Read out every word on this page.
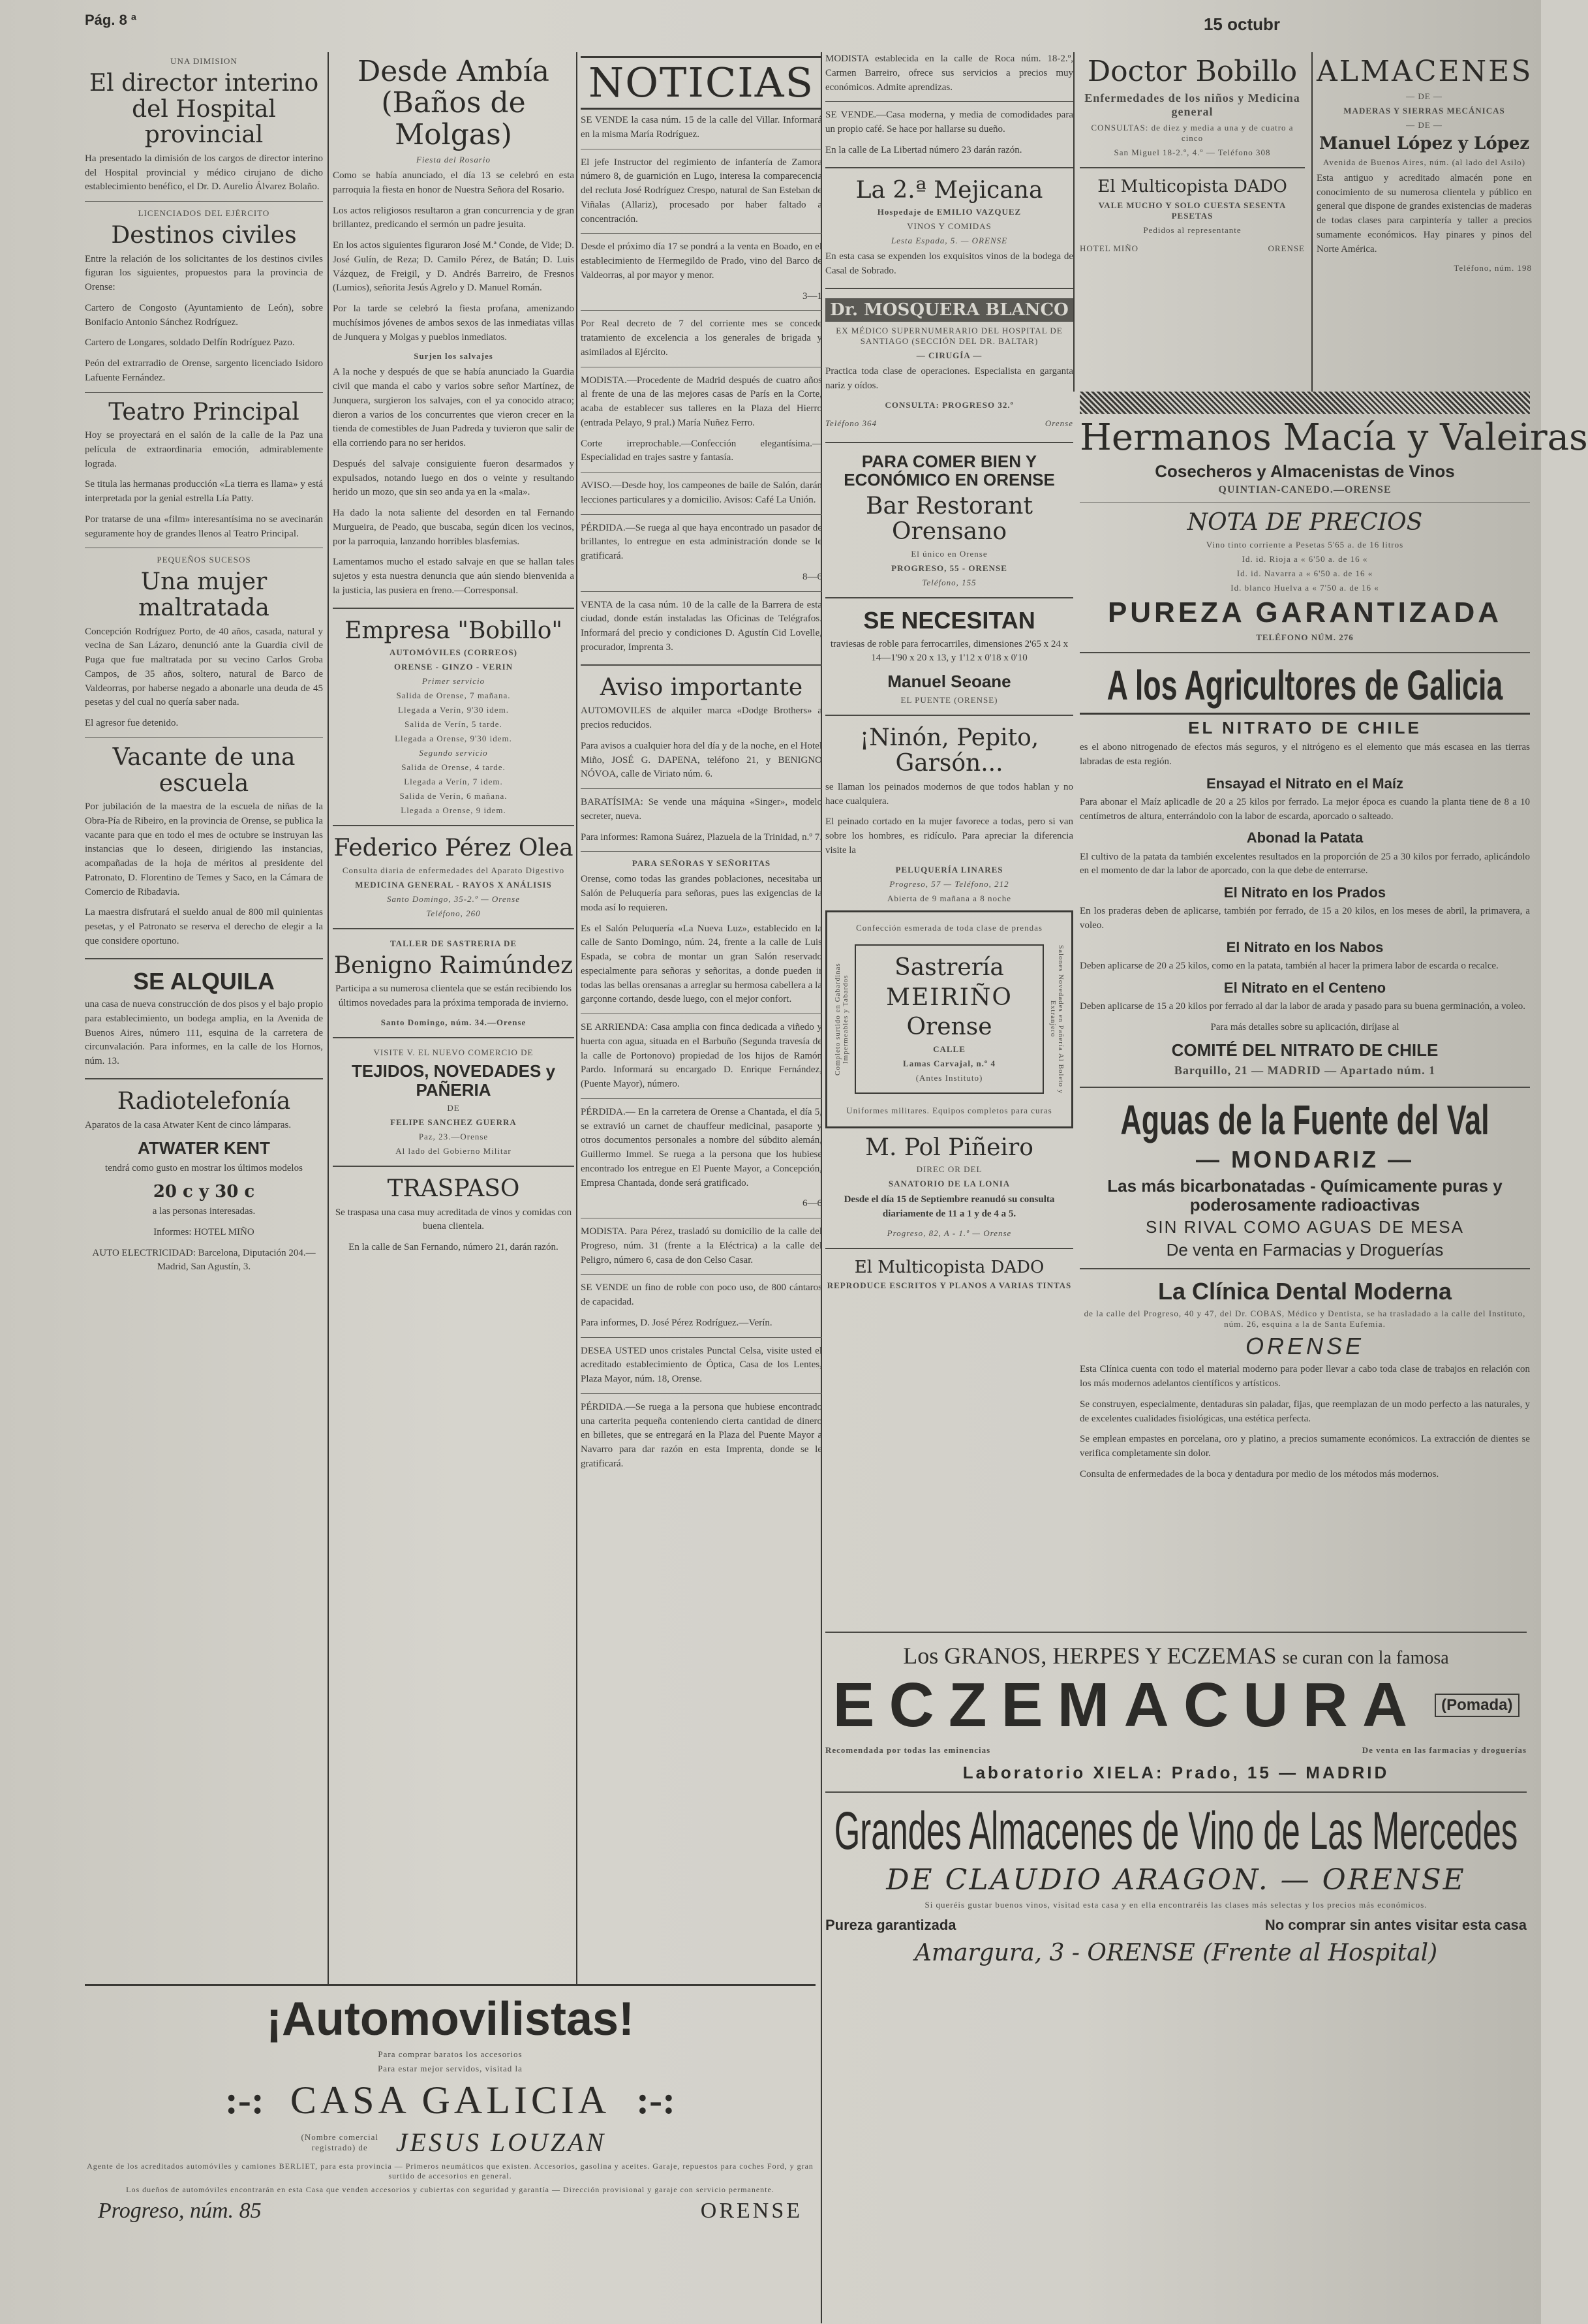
Pág. 8 ª	15 octubr
UNA DIMISION
El director interino del Hospital provincial
Ha presentado la dimisión de los cargos de director interino del Hospital provincial y médico cirujano de dicho establecimiento benéfico, el Dr. D. Aurelio Álvarez Bolaño.
LICENCIADOS DEL EJÉRCITO
Destinos civiles
Entre la relación de los solicitantes de los destinos civiles figuran los siguientes, propuestos para la provincia de Orense:
Cartero de Congosto (Ayuntamiento de León), sobre Bonifacio Antonio Sánchez Rodríguez.
Cartero de Longares, soldado Delfín Rodríguez Pazo.
Peón del extrarradio de Orense, sargento licenciado Isidoro Lafuente Fernández.
Teatro Principal
Hoy se proyectará en el salón de la calle de la Paz una película de extraordinaria emoción, admirablemente lograda.
Se titula las hermanas producción «La tierra es llama» y está interpretada por la genial estrella Lía Patty.
Por tratarse de una «film» interesantísima no se avecinarán seguramente hoy de grandes llenos al Teatro Principal.
PEQUEÑOS SUCESOS
Una mujer maltratada
Concepción Rodríguez Porto, de 40 años, casada, natural y vecina de San Lázaro, denunció ante la Guardia civil de Puga que fue maltratada por su vecino Carlos Groba Campos, de 35 años, soltero, natural de Barco de Valdeorras, por haberse negado a abonarle una deuda de 45 pesetas y del cual no quería saber nada.
El agresor fue detenido.
Vacante de una escuela
Por jubilación de la maestra de la escuela de niñas de la Obra-Pía de Ribeiro, en la provincia de Orense, se publica la vacante para que en todo el mes de octubre se instruyan las instancias que lo deseen, dirigiendo las instancias, acompañadas de la hoja de méritos al presidente del Patronato, D. Florentino de Temes y Saco, en la Cámara de Comercio de Ribadavia.
La maestra disfrutará el sueldo anual de 800 mil quinientas pesetas, y el Patronato se reserva el derecho de elegir a la que considere oportuno.
SE ALQUILA
una casa de nueva construcción de dos pisos y el bajo propio para establecimiento, un bodega amplia, en la Avenida de Buenos Aires, número 111, esquina de la carretera de circunvalación. Para informes, en la calle de los Hornos, núm. 13.
Radiotelefonía
Aparatos de la casa Atwater Kent de cinco lámparas.
ATWATER KENT
tendrá como gusto en mostrar los últimos modelos
20 c y 30 c
a las personas interesadas.
Informes: HOTEL MIÑO
AUTO ELECTRICIDAD: Barcelona, Diputación 204.—Madrid, San Agustín, 3.
Desde Ambía (Baños de Molgas)
Fiesta del Rosario
Como se había anunciado, el día 13 se celebró en esta parroquia la fiesta en honor de Nuestra Señora del Rosario.
Los actos religiosos resultaron a gran concurrencia y de gran brillantez, predicando el sermón un padre jesuita.
En los actos siguientes figuraron José M.ª Conde, de Vide; D. José Gulín, de Reza; D. Camilo Pérez, de Batán; D. Luis Vázquez, de Freigil, y D. Andrés Barreiro, de Fresnos (Lumios), señorita Jesús Agrelo y D. Manuel Román.
Por la tarde se celebró la fiesta profana, amenizando muchísimos jóvenes de ambos sexos de las inmediatas villas de Junquera y Molgas y pueblos inmediatos.
Surjen los salvajes
A la noche y después de que se había anunciado la Guardia civil que manda el cabo y varios sobre señor Martínez, de Junquera, surgieron los salvajes, con el ya conocido atraco; dieron a varios de los concurrentes que vieron crecer en la tienda de comestibles de Juan Padreda y tuvieron que salir de ella corriendo para no ser heridos.
Después del salvaje consiguiente fueron desarmados y expulsados, notando luego en dos o veinte y resultando herido un mozo, que sin seo anda ya en la «mala».
Ha dado la nota saliente del desorden en tal Fernando Murgueira, de Peado, que buscaba, según dicen los vecinos, por la parroquia, lanzando horribles blasfemias.
Lamentamos mucho el estado salvaje en que se hallan tales sujetos y esta nuestra denuncia que aún siendo bienvenida a la justicia, las pusiera en freno.—Corresponsal.
Empresa "Bobillo"
AUTOMÓVILES (CORREOS)
ORENSE - GINZO - VERIN
Primer servicio
Salida de Orense, 7 mañana.
Llegada a Verín, 9'30 idem.
Salida de Verín, 5 tarde.
Llegada a Orense, 9'30 idem.
Segundo servicio
Salida de Orense, 4 tarde.
Llegada a Verín, 7 idem.
Salida de Verín, 6 mañana.
Llegada a Orense, 9 idem.
Federico Pérez Olea
Consulta diaria de enfermedades del Aparato Digestivo
MEDICINA GENERAL - RAYOS X ANÁLISIS
Santo Domingo, 35-2.º — Orense
Teléfono, 260
TALLER DE SASTRERIA DE
Benigno Raimúndez
Participa a su numerosa clientela que se están recibiendo los últimos novedades para la próxima temporada de invierno.
Santo Domingo, núm. 34.—Orense
VISITE V. EL NUEVO COMERCIO DE
TEJIDOS, NOVEDADES y PAÑERIA
DE
FELIPE SANCHEZ GUERRA
Paz, 23.—Orense
Al lado del Gobierno Militar
TRASPASO
Se traspasa una casa muy acreditada de vinos y comidas con buena clientela.
En la calle de San Fernando, número 21, darán razón.
NOTICIAS
SE VENDE la casa núm. 15 de la calle del Villar. Informará en la misma María Rodríguez.
El jefe Instructor del regimiento de infantería de Zamora número 8, de guarnición en Lugo, interesa la comparecencia del recluta José Rodríguez Crespo, natural de San Esteban de Viñalas (Allariz), procesado por haber faltado a concentración.
Desde el próximo día 17 se pondrá a la venta en Boado, en el establecimiento de Hermegildo de Prado, vino del Barco de Valdeorras, al por mayor y menor.
3—1
Por Real decreto de 7 del corriente mes se concede tratamiento de excelencia a los generales de brigada y asimilados al Ejército.
MODISTA.—Procedente de Madrid después de cuatro años al frente de una de las mejores casas de París en la Corte, acaba de establecer sus talleres en la Plaza del Hierro (entrada Pelayo, 9 pral.) María Nuñez Ferro.
Corte irreprochable.—Confección elegantísima.—Especialidad en trajes sastre y fantasía.
AVISO.—Desde hoy, los campeones de baile de Salón, darán lecciones particulares y a domicilio. Avisos: Café La Unión.
PÉRDIDA.—Se ruega al que haya encontrado un pasador de brillantes, lo entregue en esta administración donde se le gratificará.
8—6
VENTA de la casa núm. 10 de la calle de la Barrera de esta ciudad, donde están instaladas las Oficinas de Telégrafos. Informará del precio y condiciones D. Agustín Cid Lovelle, procurador, Imprenta 3.
Aviso importante
AUTOMOVILES de alquiler marca «Dodge Brothers» a precios reducidos.
Para avisos a cualquier hora del día y de la noche, en el Hotel Miño, JOSÉ G. DAPENA, teléfono 21, y BENIGNO NÓVOA, calle de Viriato núm. 6.
BARATÍSIMA: Se vende una máquina «Singer», modelo secreter, nueva.
Para informes: Ramona Suárez, Plazuela de la Trinidad, n.º 7.
PARA SEÑORAS Y SEÑORITAS
Orense, como todas las grandes poblaciones, necesitaba un Salón de Peluquería para señoras, pues las exigencias de la moda así lo requieren.
Es el Salón Peluquería «La Nueva Luz», establecido en la calle de Santo Domingo, núm. 24, frente a la calle de Luis Espada, se cobra de montar un gran Salón reservado especialmente para señoras y señoritas, a donde pueden ir todas las bellas orensanas a arreglar su hermosa cabellera a la garçonne cortando, desde luego, con el mejor confort.
SE ARRIENDA: Casa amplia con finca dedicada a viñedo y huerta con agua, situada en el Barbuño (Segunda travesía de la calle de Portonovo) propiedad de los hijos de Ramón Pardo. Informará su encargado D. Enrique Fernández, (Puente Mayor), número.
PÉRDIDA.— En la carretera de Orense a Chantada, el día 5, se extravió un carnet de chauffeur medicinal, pasaporte y otros documentos personales a nombre del súbdito alemán, Guillermo Immel. Se ruega a la persona que los hubiese encontrado los entregue en El Puente Mayor, a Concepción, Empresa Chantada, donde será gratificado.
6—6
MODISTA. Para Pérez, trasladó su domicilio de la calle del Progreso, núm. 31 (frente a la Eléctrica) a la calle del Peligro, número 6, casa de don Celso Casar.
SE VENDE un fino de roble con poco uso, de 800 cántaros de capacidad.
Para informes, D. José Pérez Rodríguez.—Verín.
DESEA USTED unos cristales Punctal Celsa, visite usted el acreditado establecimiento de Óptica, Casa de los Lentes, Plaza Mayor, núm. 18, Orense.
PÉRDIDA.—Se ruega a la persona que hubiese encontrado una carterita pequeña conteniendo cierta cantidad de dinero en billetes, que se entregará en la Plaza del Puente Mayor a Navarro para dar razón en esta Imprenta, donde se le gratificará.
MODISTA establecida en la calle de Roca núm. 18-2.º, Carmen Barreiro, ofrece sus servicios a precios muy económicos. Admite aprendizas.
SE VENDE.—Casa moderna, y media de comodidades para un propio café. Se hace por hallarse su dueño.
En la calle de La Libertad número 23 darán razón.
La 2.ª Mejicana
Hospedaje de EMILIO VAZQUEZ
VINOS Y COMIDAS
Lesta Espada, 5. — ORENSE
En esta casa se expenden los exquisitos vinos de la bodega de Casal de Sobrado.
Dr. MOSQUERA BLANCO
EX MÉDICO SUPERNUMERARIO DEL HOSPITAL DE SANTIAGO (SECCIÓN DEL DR. BALTAR)
— CIRUGÍA —
Practica toda clase de operaciones. Especialista en garganta nariz y oídos.
CONSULTA: PROGRESO 32.ª
Teléfono 364	Orense
PARA COMER BIEN Y ECONÓMICO EN ORENSE
Bar Restorant Orensano
El único en Orense
PROGRESO, 55 - ORENSE
Teléfono, 155
SE NECESITAN
traviesas de roble para ferrocarriles, dimensiones 2'65 x 24 x 14—1'90 x 20 x 13, y 1'12 x 0'18 x 0'10
Manuel Seoane
EL PUENTE (ORENSE)
¡Ninón, Pepito, Garsón...
se llaman los peinados modernos de que todos hablan y no hace cualquiera.
El peinado cortado en la mujer favorece a todas, pero si van sobre los hombres, es ridículo. Para apreciar la diferencia visite la
PELUQUERÍA LINARES
Progreso, 57 — Teléfono, 212
Abierta de 9 mañana a 8 noche
Confección esmerada de toda clase de prendas
Completo surtido en Gabardinas Impermeables y Tabardos
Sastrería
MEIRIÑO
Orense
CALLE
Lamas Carvajal, n.º 4
(Antes Instituto)	Salones Novedades en Pañería Al Boleto y Extranjero
Uniformes militares. Equipos completos para curas
M. Pol Piñeiro
DIREC OR DEL
SANATORIO DE LA LONIA
Desde el día 15 de Septiembre reanudó su consulta diariamente de 11 a 1 y de 4 a 5.
Progreso, 82, A - 1.º — Orense
El Multicopista DADO
REPRODUCE ESCRITOS Y PLANOS A VARIAS TINTAS
Doctor Bobillo
Enfermedades de los niños y Medicina general
CONSULTAS: de diez y media a una y de cuatro a cinco
San Miguel 18-2.º, 4.º — Teléfono 308
El Multicopista DADO
VALE MUCHO Y SOLO CUESTA SESENTA PESETAS
Pedidos al representante
HOTEL MIÑO	ORENSE
ALMACENES
— DE —
MADERAS Y SIERRAS MECÁNICAS
— DE —
Manuel López y López
Avenida de Buenos Aires, núm. (al lado del Asilo)
Esta antiguo y acreditado almacén pone en conocimiento de su numerosa clientela y público en general que dispone de grandes existencias de maderas de todas clases para carpintería y taller a precios sumamente económicos. Hay pinares y pinos del Norte América.
Teléfono, núm. 198
Hermanos Macía y Valeiras
Cosecheros y Almacenistas de Vinos
QUINTIAN-CANEDO.—ORENSE
NOTA DE PRECIOS
Vino tinto corriente a Pesetas 5'65 a. de 16 litros
Id. id. Rioja a « 6'50 a. de 16 «
Id. id. Navarra a « 6'50 a. de 16 «
Id. blanco Huelva a « 7'50 a. de 16 «
PUREZA GARANTIZADA
TELÉFONO NÚM. 276
A los Agricultores de Galicia
EL NITRATO DE CHILE
es el abono nitrogenado de efectos más seguros, y el nitrógeno es el elemento que más escasea en las tierras labradas de esta región.
Ensayad el Nitrato en el Maíz
Para abonar el Maíz aplicadle de 20 a 25 kilos por ferrado. La mejor época es cuando la planta tiene de 8 a 10 centímetros de altura, enterrándolo con la labor de escarda, aporcado o salteado.
Abonad la Patata
El cultivo de la patata da también excelentes resultados en la proporción de 25 a 30 kilos por ferrado, aplicándolo en el momento de dar la labor de aporcado, con la que debe de enterrarse.
El Nitrato en los Prados
En los praderas deben de aplicarse, también por ferrado, de 15 a 20 kilos, en los meses de abril, la primavera, a voleo.
El Nitrato en los Nabos
Deben aplicarse de 20 a 25 kilos, como en la patata, también al hacer la primera labor de escarda o recalce.
El Nitrato en el Centeno
Deben aplicarse de 15 a 20 kilos por ferrado al dar la labor de arada y pasado para su buena germinación, a voleo.
Para más detalles sobre su aplicación, diríjase al
COMITÉ DEL NITRATO DE CHILE
Barquillo, 21 — MADRID — Apartado núm. 1
Aguas de la Fuente del Val
— MONDARIZ —
Las más bicarbonatadas - Químicamente puras y poderosamente radioactivas
SIN RIVAL COMO AGUAS DE MESA
De venta en Farmacias y Droguerías
La Clínica Dental Moderna
de la calle del Progreso, 40 y 47, del Dr. COBAS, Médico y Dentista, se ha trasladado a la calle del Instituto, núm. 26, esquina a la de Santa Eufemia.
ORENSE
Esta Clínica cuenta con todo el material moderno para poder llevar a cabo toda clase de trabajos en relación con los más modernos adelantos científicos y artísticos.
Se construyen, especialmente, dentaduras sin paladar, fijas, que reemplazan de un modo perfecto a las naturales, y de excelentes cualidades fisiológicas, una estética perfecta.
Se emplean empastes en porcelana, oro y platino, a precios sumamente económicos. La extracción de dientes se verifica completamente sin dolor.
Consulta de enfermedades de la boca y dentadura por medio de los métodos más modernos.
Los GRANOS, HERPES Y ECZEMAS se curan con la famosa
ECZEMACURA	(Pomada)
Recomendada por todas las eminencias	De venta en las farmacias y droguerías
Laboratorio XIELA: Prado, 15 — MADRID
Grandes Almacenes de Vino de Las Mercedes
DE CLAUDIO ARAGON. — ORENSE
Si queréis gustar buenos vinos, visitad esta casa y en ella encontraréis las clases más selectas y los precios más económicos.
Pureza garantizada	No comprar sin antes visitar esta casa
Amargura, 3 - ORENSE (Frente al Hospital)
¡Automovilistas!
Para comprar baratos los accesorios
Para estar mejor servidos, visitad la
:-: CASA GALICIA :-:
(Nombre comercial registrado) de	JESUS LOUZAN
Agente de los acreditados automóviles y camiones BERLIET, para esta provincia — Primeros neumáticos que existen. Accesorios, gasolina y aceites. Garaje, repuestos para coches Ford, y gran surtido de accesorios en general.
Los dueños de automóviles encontrarán en esta Casa que venden accesorios y cubiertas con seguridad y garantía — Dirección provisional y garaje con servicio permanente.
Progreso, núm. 85	ORENSE
